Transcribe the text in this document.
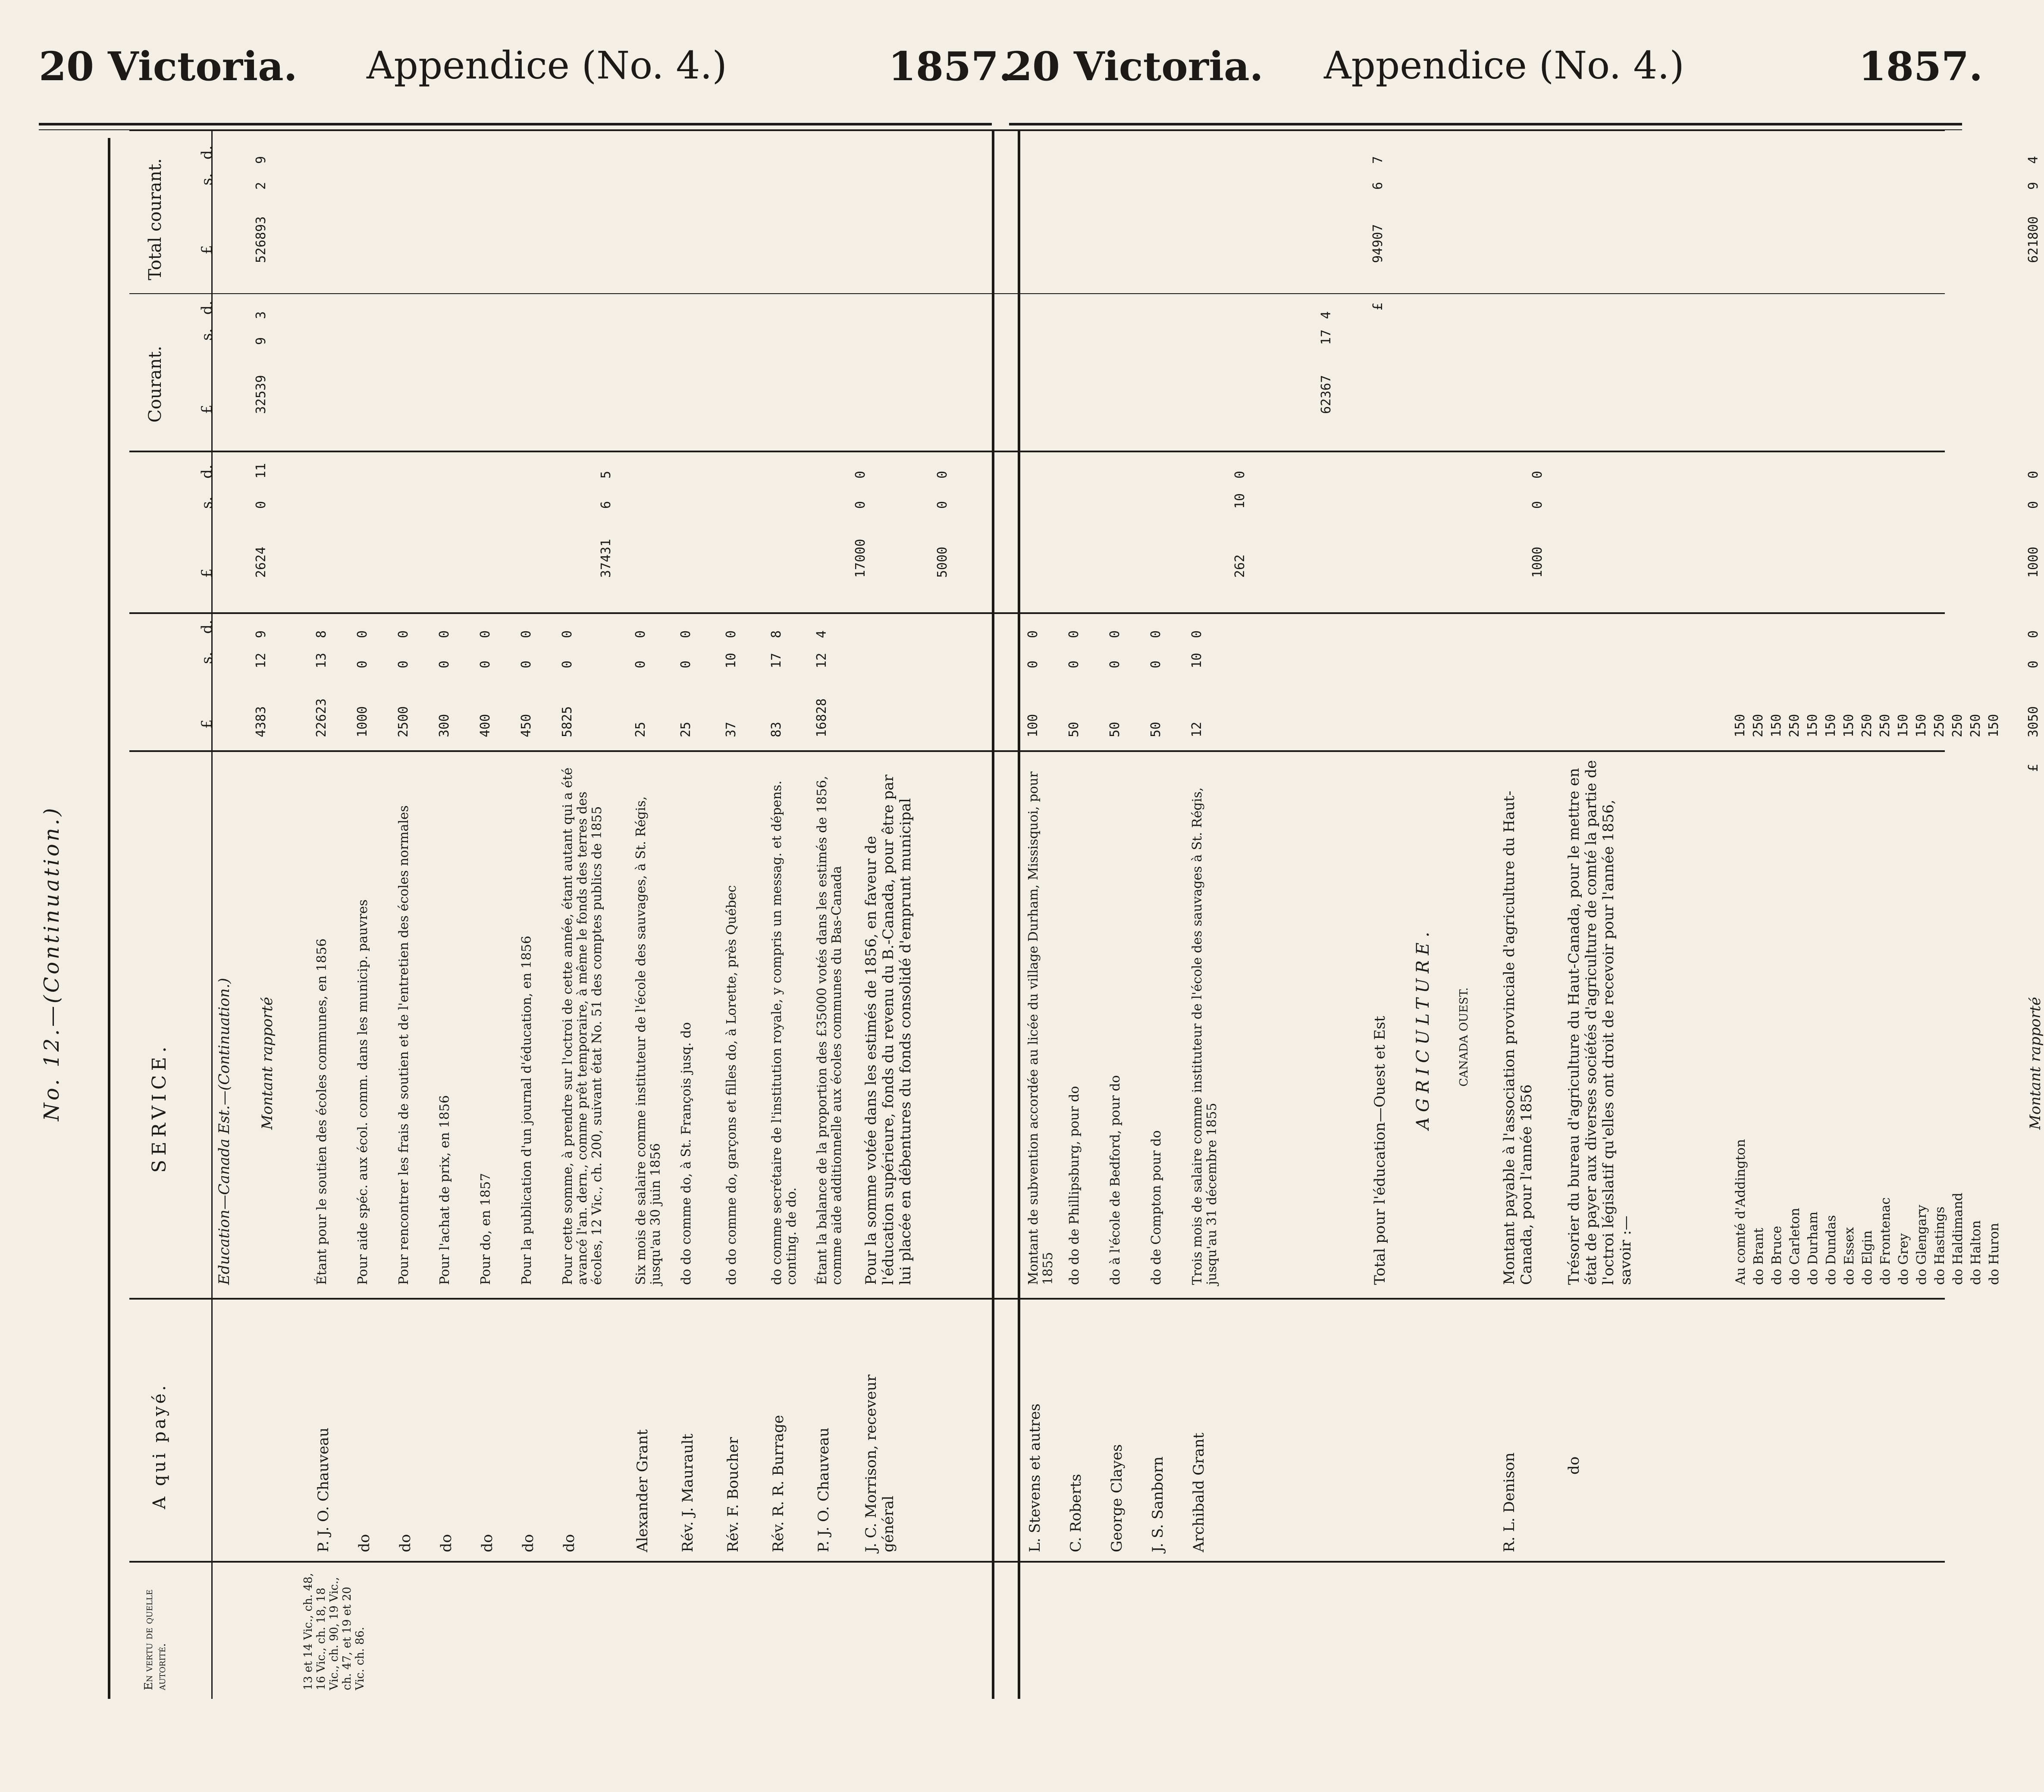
20 Victoria. Appendice (No. 4.)	1857.
20 Victoria. Appendice (No. 4.)	1857.
No. 12.—(Continuation.)
Total courant.
Courant.
SERVICE.
A qui payé.
En vertu de quelle autorité.
£
s.
d.
£
s.
d.
£
s.
d.
£
s.
d.
Education—Canada Est.—(Continuation.) Montant rapporté
4383
12
9
2624
0
11
32539
9
3
526893
2
9
13 et 14 Vic., ch. 48, 16 Vic., ch. 18, 18 Vic., ch. 90, 19 Vic., ch. 47, et 19 et 20 Vic. ch. 86.
37431
6
5
17000
0
0
J. C. Morrison, receveur général
Pour la somme votée dans les estimés de 1856, en faveur de l'éducation supérieure, fonds du revenu du B.-Canada, pour être par lui placée en débentures du fonds consolidé d'emprunt municipal
5000
0
0
262
10
0
62367
17
4
Total pour l'éducation—Ouest et Est
£
94907
6
7
AGRICULTURE. CANADA OUEST.
R. L. Denison
Montant payable à l'association provinciale d'agriculture du Haut-Canada, pour l'année 1856
1000
0
0
do
Trésorier du bureau d'agriculture du Haut-Canada, pour le mettre en état de payer aux diverses sociétés d'agriculture de comté la partie de l'octroi législatif qu'elles ont droit de recevoir pour l'année 1856, savoir :—
Montant rapporté
£
3050
0
0
1000
0
0
621800
9
4
P. J. O. Chauveau
Étant pour le soutien des écoles communes, en 1856
22623
13
8
do
Pour aide spéc. aux écol. comm. dans les municip. pauvres
1000
0
0
do
Pour rencontrer les frais de soutien et de l'entretien des écoles normales
2500
0
0
do
Pour l'achat de prix, en 1856
300
0
0
do
Pour do, en 1857
400
0
0
do
Pour la publication d'un journal d'éducation, en 1856
450
0
0
do
Pour cette somme, à prendre sur l'octroi de cette année, étant autant qui a été avancé l'an. dern., comme prêt temporaire, à même le fonds des terres des écoles, 12 Vic., ch. 200, suivant état No. 51 des comptes publics de 1855
5825
0
0
Alexander Grant
Six mois de salaire comme instituteur de l'école des sauvages, à St. Régis, jusqu'au 30 juin 1856
25
0
0
Rév. J. Maurault
do do comme do, à St. François jusq. do
25
0
0
Rév. F. Boucher
do do comme do, garçons et filles do, à Lorette, près Québec
37
10
0
Rév. R. R. Burrage
do comme secrétaire de l'institution royale, y compris un messag. et dépens. conting. de do.
83
17
8
P. J. O. Chauveau
Étant la balance de la proportion des £35000 votés dans les estimés de 1856, comme aide additionnelle aux écoles communes du Bas-Canada
16828
12
4
L. Stevens et autres
Montant de subvention accordée au licée du village Durham, Missisquoi, pour 1855
100
0
0
C. Roberts
do do de Phillipsburg, pour do
50
0
0
George Clayes
do à l'école de Bedford, pour do
50
0
0
J. S. Sanborn
do de Compton pour do
50
0
0
Archibald Grant
Trois mois de salaire comme instituteur de l'école des sauvages à St. Régis, jusqu'au 31 décembre 1855
12
10
0
Au comté d'Addington
150
do Brant
250
do Bruce
150
do Carleton
250
do Durham
150
do Dundas
150
do Essex
150
do Elgin
250
do Frontenac
250
do Grey
150
do Glengary
150
do Hastings
250
do Haldimand
250
do Halton
250
do Huron
150
